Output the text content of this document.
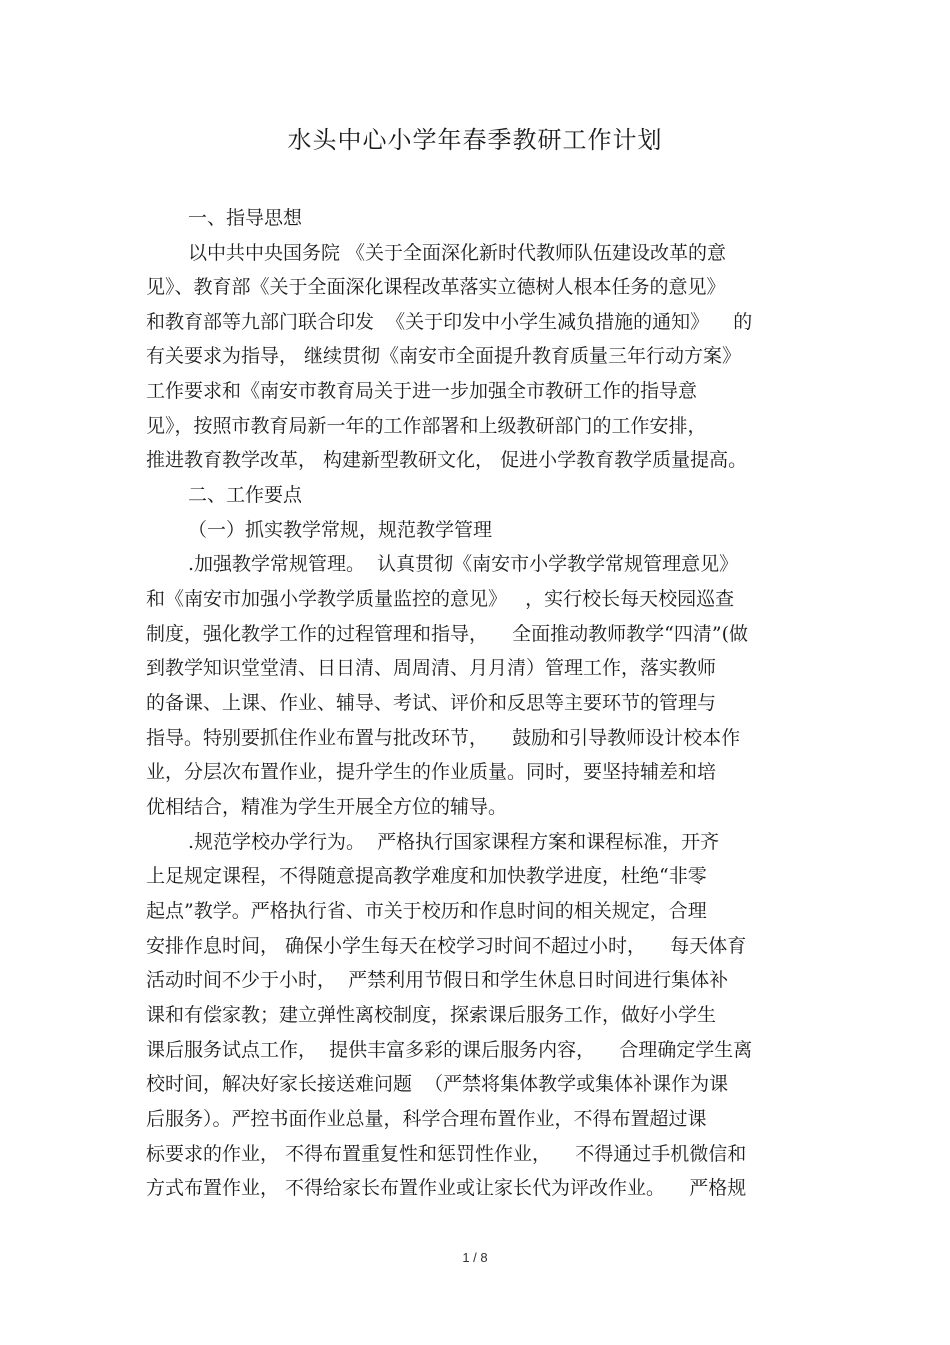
水头中心小学年春季教研工作计划
一、指导思想
以中共中央国务院 《关于全面深化新时代教师队伍建设改革的意
见》、教育部《关于全面深化课程改革落实立德树人根本任务的意见》
和教育部等九部门联合印发  《关于印发中小学生减负措施的通知》    的
有关要求为指导， 继续贯彻《南安市全面提升教育质量三年行动方案》
工作要求和《南安市教育局关于进一步加强全市教研工作的指导意
见》，按照市教育局新一年的工作部署和上级教研部门的工作安排，
推进教育教学改革， 构建新型教研文化， 促进小学教育教学质量提高。
二、工作要点
（一）抓实教学常规，规范教学管理
.加强教学常规管理。  认真贯彻《南安市小学教学常规管理意见》
和《南安市加强小学教学质量监控的意见》   ，实行校长每天校园巡查
制度，强化教学工作的过程管理和指导，    全面推动教师教学“四清”(做
到教学知识堂堂清、日日清、周周清、月月清）管理工作，落实教师
的备课、上课、作业、辅导、考试、评价和反思等主要环节的管理与
指导。特别要抓住作业布置与批改环节，    鼓励和引导教师设计校本作
业，分层次布置作业，提升学生的作业质量。同时，要坚持辅差和培
优相结合，精准为学生开展全方位的辅导。
.规范学校办学行为。  严格执行国家课程方案和课程标准，开齐
上足规定课程，不得随意提高教学难度和加快教学进度，杜绝“非零
起点”教学。严格执行省、市关于校历和作息时间的相关规定，合理
安排作息时间， 确保小学生每天在校学习时间不超过小时，    每天体育
活动时间不少于小时，  严禁利用节假日和学生休息日时间进行集体补
课和有偿家教；建立弹性离校制度，探索课后服务工作，做好小学生
课后服务试点工作，  提供丰富多彩的课后服务内容，    合理确定学生离
校时间，解决好家长接送难问题  （严禁将集体教学或集体补课作为课
后服务）。严控书面作业总量，科学合理布置作业，不得布置超过课
标要求的作业， 不得布置重复性和惩罚性作业，    不得通过手机微信和
方式布置作业， 不得给家长布置作业或让家长代为评改作业。    严格规
1 / 8
